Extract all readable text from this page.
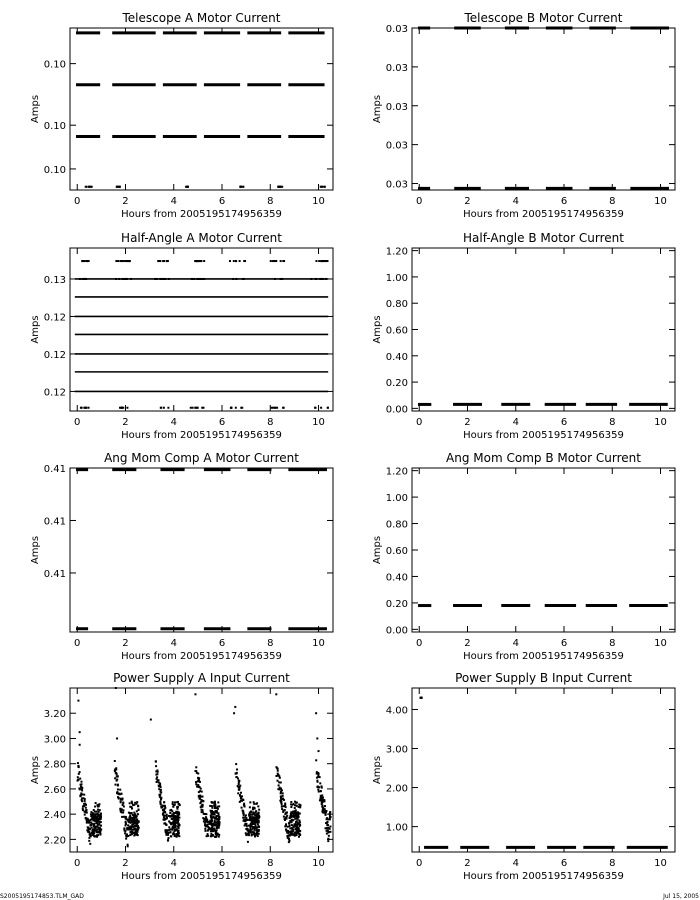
Telescope A Motor Current
0	2	4	6	8	10
0.10
0.10
0.10
Hours from 2005195174956359
Amps
Telescope B Motor Current
0	2	4	6	8	10
0.03
0.03
0.03
0.03
0.03
Hours from 2005195174956359
Amps
Half-Angle A Motor Current
0	2	4	6	8	10
0.12
0.12
0.12
0.13
Hours from 2005195174956359
Amps
Half-Angle B Motor Current
0	2	4	6	8	10
0.00
0.20
0.40
0.60
0.80
1.00
1.20
Hours from 2005195174956359
Amps
Ang Mom Comp A Motor Current
0	2	4	6	8	10
0.41
0.41
0.41
Hours from 2005195174956359
Amps
Ang Mom Comp B Motor Current
0	2	4	6	8	10
0.00
0.20
0.40
0.60
0.80
1.00
1.20
Hours from 2005195174956359
Amps
Power Supply A Input Current
0	2	4	6	8	10
2.20
2.40
2.60
2.80
3.00
3.20
Hours from 2005195174956359
Amps
Power Supply B Input Current
0	2	4	6	8	10
1.00
2.00
3.00
4.00
Hours from 2005195174956359
Amps
S2005195174853.TLM_GAD	Jul 15, 2005
